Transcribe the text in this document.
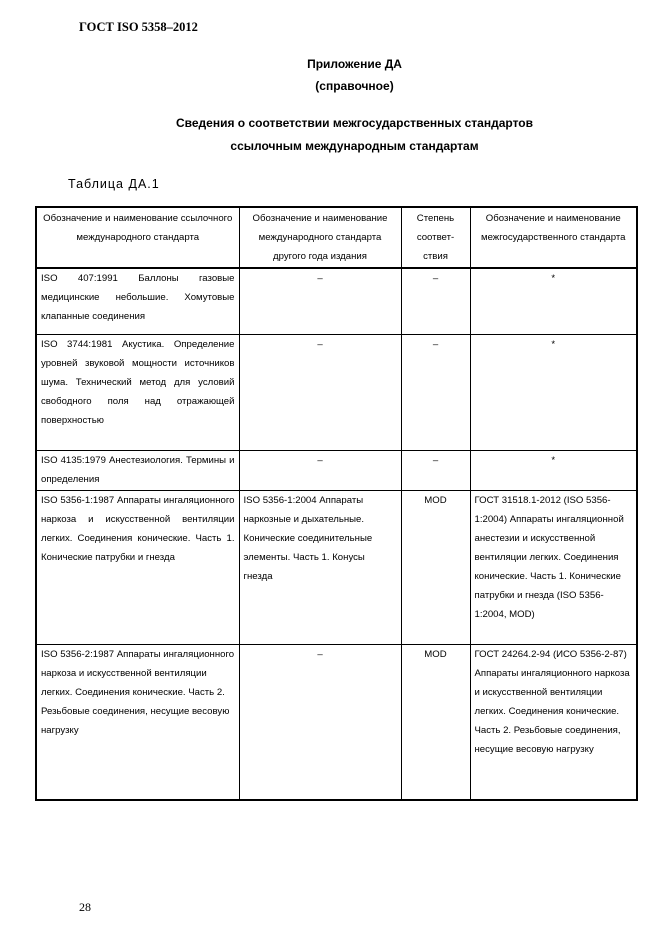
ГОСТ ISO 5358–2012
Приложение ДА
(справочное)
Сведения о соответствии межгосударственных стандартов
ссылочным международным стандартам
Таблица ДА.1
Обозначение и наименование ссылочного международного стандарта	Обозначение и наименование международного стандарта другого года издания	Степень соответ-ствия	Обозначение и наименование межгосударственного стандарта
ISO 407:1991 Баллоны газовые медицинские небольшие. Хомутовые клапанные соединения	–	–	*
ISO 3744:1981 Акустика. Определение уровней звуковой мощности источников шума. Технический метод для условий свободного поля над отражающей поверхностью	–	–	*
ISO 4135:1979 Анестезиология. Термины и определения	–	–	*
ISO 5356-1:1987 Аппараты ингаляционного наркоза и искусственной вентиляции легких. Соединения конические. Часть 1. Конические патрубки и гнезда	ISO 5356-1:2004 Аппараты наркозные и дыхательные. Конические соединительные элементы. Часть 1. Конусы гнезда	MOD	ГОСТ 31518.1-2012 (ISO 5356-1:2004) Аппараты ингаляционной анестезии и искусственной вентиляции легких. Соединения конические. Часть 1. Конические патрубки и гнезда (ISO 5356-1:2004, MOD)
ISO 5356-2:1987 Аппараты ингаляционного наркоза и искусственной вентиляции легких. Соединения конические. Часть 2. Резьбовые соединения, несущие весовую нагрузку	–	MOD	ГОСТ 24264.2-94 (ИСО 5356-2-87) Аппараты ингаляционного наркоза и искусственной вентиляции легких. Соединения конические. Часть 2. Резьбовые соединения, несущие весовую нагрузку
28
